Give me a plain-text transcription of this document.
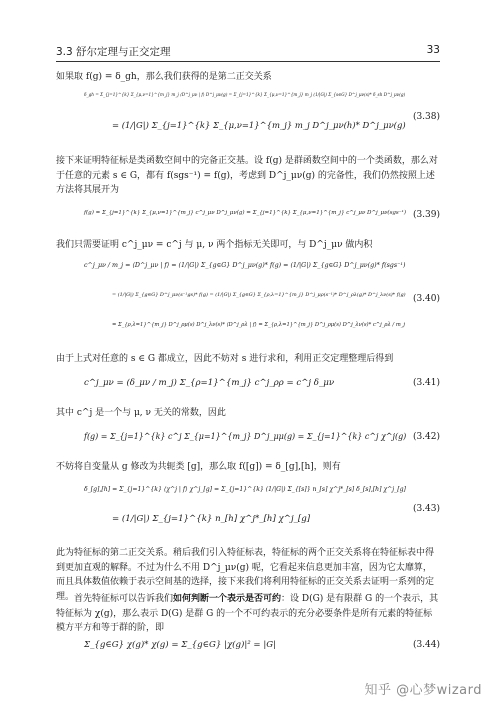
3.3 舒尔定理与正交定理	33
如果取 f(g) = δ_gh，那么我们获得的是第二正交关系
δ_gh = Σ_{j=1}^{k} Σ_{μ,ν=1}^{m_j} m_j ⟨D^j_μν | f⟩ D^j_μν(g) = Σ_{j=1}^{k} Σ_{μ,ν=1}^{m_j} m_j (1/|G|) Σ_{s∈G} D^j_μν(s)* δ_sh D^j_μν(g)
= (1/|G|) Σ_{j=1}^{k} Σ_{μ,ν=1}^{m_j} m_j D^j_μν(h)* D^j_μν(g)
(3.38)
接下来证明特征标是类函数空间中的完备正交基。设 f(g) 是群函数空间中的一个类函数，那么对于任意的元素 s ∈ G，都有 f(sgs⁻¹) = f(g)，考虑到 D^j_μν(g) 的完备性，我们仍然按照上述方法将其展开为
f(g) = Σ_{j=1}^{k} Σ_{μ,ν=1}^{m_j} c^j_μν D^j_μν(g) = Σ_{j=1}^{k} Σ_{μ,ν=1}^{m_j} c^j_μν D^j_μν(sgs⁻¹) (3.39)
我们只需要证明 c^j_μν = c^j 与 μ, ν 两个指标无关即可，与 D^j_μν 做内积
c^j_μν / m_j = ⟨D^j_μν | f⟩ = (1/|G|) Σ_{g∈G} D^j_μν(g)* f(g) = (1/|G|) Σ_{g∈G} D^j_μν(g)* f(sgs⁻¹)
= (1/|G|) Σ_{g∈G} D^j_μν(s⁻¹gs)* f(g) = (1/|G|) Σ_{g∈G} Σ_{ρ,λ=1}^{m_j} D^j_μρ(s⁻¹)* D^j_ρλ(g)* D^j_λν(s)* f(g)
= Σ_{ρ,λ=1}^{m_j} D^j_ρμ(s) D^j_λν(s)* ⟨D^j_ρλ | f⟩ = Σ_{ρ,λ=1}^{m_j} D^j_ρμ(s) D^j_λν(s)* c^j_ρλ / m_j
(3.40)
由于上式对任意的 s ∈ G 都成立，因此不妨对 s 进行求和，利用正交定理整理后得到
c^j_μν = (δ_μν / m_j) Σ_{ρ=1}^{m_j} c^j_ρρ = c^j δ_μν	(3.41)
其中 c^j 是一个与 μ, ν 无关的常数，因此
f(g) = Σ_{j=1}^{k} c^j Σ_{μ=1}^{m_j} D^j_μμ(g) = Σ_{j=1}^{k} c^j χ^j(g) (3.42)
不妨将自变量从 g 修改为共轭类 [g]，那么取 f([g]) = δ_[g],[h]，则有
δ_[g],[h] = Σ_{j=1}^{k} ⟨χ^j | f⟩ χ^j_[g] = Σ_{j=1}^{k} (1/|G|) Σ_{[s]} n_[s] χ^j*_[s] δ_[s],[h] χ^j_[g]
= (1/|G|) Σ_{j=1}^{k} n_[h] χ^j*_[h] χ^j_[g]
(3.43)
此为特征标的第二正交关系。稍后我们引入特征标表，特征标的两个正交关系将在特征标表中得到更加直观的解释。不过为什么不用 D^j_μν(g) 呢，它看起来信息更加丰富，因为它太靡算，而且具体数值依赖于表示空间基的选择，接下来我们将利用特征标的正交关系去证明一系列的定理。 首先特征标可以告诉我们如何判断一个表示是否可约：设 D(G) 是有限群 G 的一个表示，其特征标为 χ(g)，那么表示 D(G) 是群 G 的一个不可约表示的充分必要条件是所有元素的特征标模方平方和等于群的阶，即
Σ_{g∈G} χ(g)* χ(g) = Σ_{g∈G} |χ(g)|² = |G|	(3.44)
知乎 @心梦wizard
